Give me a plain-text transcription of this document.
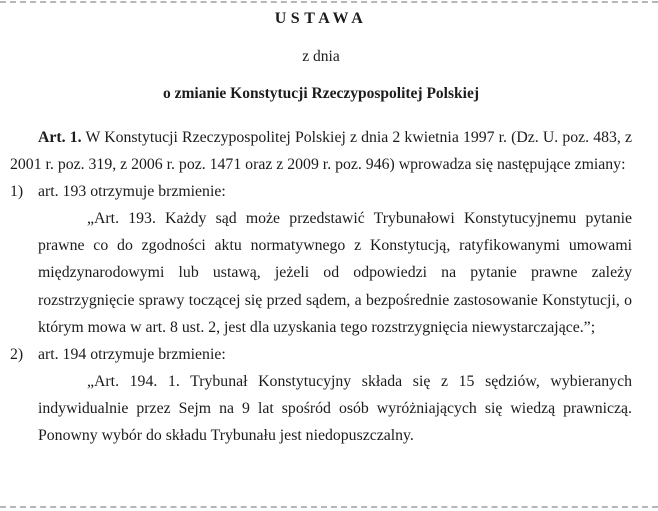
USTAWA
z dnia
o zmianie Konstytucji Rzeczypospolitej Polskiej

Art. 1. W Konstytucji Rzeczypospolitej Polskiej z dnia 2 kwietnia 1997 r. (Dz. U. poz. 483, z 2001 r. poz. 319, z 2006 r. poz. 1471 oraz z 2009 r. poz. 946) wprowadza się następujące zmiany:

1) art. 193 otrzymuje brzmienie:

„Art. 193. Każdy sąd może przedstawić Trybunałowi Konstytucyjnemu pytanie prawne co do zgodności aktu normatywnego z Konstytucją, ratyfikowanymi umowami międzynarodowymi lub ustawą, jeżeli od odpowiedzi na pytanie prawne zależy rozstrzygnięcie sprawy toczącej się przed sądem, a bezpośrednie zastosowanie Konstytucji, o którym mowa w art. 8 ust. 2, jest dla uzyskania tego rozstrzygnięcia niewystarczające.”;

2) art. 194 otrzymuje brzmienie:

„Art. 194. 1. Trybunał Konstytucyjny składa się z 15 sędziów, wybieranych indywidualnie przez Sejm na 9 lat spośród osób wyróżniających się wiedzą prawniczą. Ponowny wybór do składu Trybunału jest niedopuszczalny.
